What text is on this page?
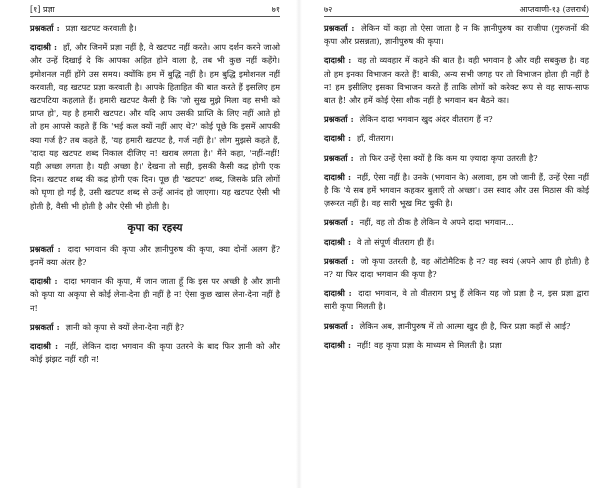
[१] प्रज्ञा	७१

प्रश्नकर्ता : प्रज्ञा खटपट करवाती है।

दादाश्री : हाँ, और जिनमें प्रज्ञा नहीं है, वे खटपट नहीं करते। आप दर्शन करने जाओ और उन्हें दिखाई दे कि आपका अहित होने वाला है, तब भी कुछ नहीं कहेंगे। इमोशनल नहीं होंगे उस समय। क्योंकि हम में बुद्धि नहीं है। हम बुद्धि इमोशनल नहीं करवाती, वह खटपट प्रज्ञा करवाती है। आपके हिताहित की बात करते हैं इसलिए हम खटपटिया कहलाते हैं। हमारी खटपट कैसी है कि 'जो सुख मुझे मिला वह सभी को प्राप्त हो', यह है हमारी खटपट। और यदि आप उसकी प्राप्ति के लिए नहीं आते हो तो हम आपसे कहते हैं कि 'भई कल क्यों नहीं आए थे?' कोई पूछे कि इसमें आपकी क्या गर्ज है? तब कहते हैं, 'यह हमारी खटपट है, गर्ज नहीं है।' लोग मुझसे कहते हैं, 'दादा यह खटपट शब्द निकाल दीजिए न! खराब लगता है।' मैंने कहा, 'नहीं-नहीं! यही अच्छा लगता है। यही अच्छा है।' देखना तो सही, इसकी कैसी कद्र होगी एक दिन। खटपट शब्द की कद्र होगी एक दिन। पूछ ही 'खटपट' शब्द, जिसके प्रति लोगों को घृणा हो गई है, उसी खटपट शब्द से उन्हें आनंद हो जाएगा। यह खटपट ऐसी भी होती है, वैसी भी होती है और ऐसी भी होती है।

कृपा का रहस्य

प्रश्नकर्ता : दादा भगवान की कृपा और ज्ञानीपुरुष की कृपा, क्या दोनों अलग हैं? इनमें क्या अंतर है?

दादाश्री : दादा भगवान की कृपा, मैं जान जाता हूँ कि इस पर अच्छी है और ज्ञानी को कृपा या अकृपा से कोई लेना-देना ही नहीं है न! ऐसा कुछ खास लेना-देना नहीं है न!

प्रश्नकर्ता : ज्ञानी को कृपा से क्यों लेना-देना नहीं है?

दादाश्री : नहीं, लेकिन दादा भगवान की कृपा उतरने के बाद फिर ज्ञानी को और कोई झंझट नहीं रही न!

७२	आप्तवाणी-१३ (उत्तरार्ध)

प्रश्नकर्ता : लेकिन यों कहा तो ऐसा जाता है न कि ज्ञानीपुरुष का राजीपा (गुरुजनों की कृपा और प्रसन्नता), ज्ञानीपुरुष की कृपा।

दादाश्री : वह तो व्यवहार में कहने की बात है। वही भगवान है और वही सबकुछ है। वह तो हम इनका विभाजन करते हैं! बाकी, अन्य सभी जगह पर तो विभाजन होता ही नहीं है न! हम इसीलिए इसका विभाजन करते हैं ताकि लोगों को करेक्ट रूप से वह साफ-साफ बात है! और हमें कोई ऐसा शौक नहीं है भगवान बन बैठने का।

प्रश्नकर्ता : लेकिन दादा भगवान खुद अंदर वीतराग हैं न?

दादाश्री : हाँ, वीतराग।

प्रश्नकर्ता : तो फिर उन्हें ऐसा क्यों है कि कम या ज़्यादा कृपा उतरती है?

दादाश्री : नहीं, ऐसा नहीं है। उनके (भगवान के) अलावा, हम जो जानी हैं, उन्हें ऐसा नहीं है कि 'ये सब हमें भगवान कहकर बुलाएँ तो अच्छा'। उस स्वाद और उस मिठास की कोई ज़रूरत नहीं है। वह सारी भूख मिट चुकी है।

प्रश्नकर्ता : नहीं, वह तो ठीक है लेकिन ये अपने दादा भगवान...

दादाश्री : वे तो संपूर्ण वीतराग ही हैं।

प्रश्नकर्ता : जो कृपा उतरती है, वह ऑटोमैटिक है न? वह स्वयं (अपने आप ही होती) है न? या फिर दादा भगवान की कृपा है?

दादाश्री : दादा भगवान, वे तो वीतराग प्रभु हैं लेकिन यह जो प्रज्ञा है न, इस प्रज्ञा द्वारा सारी कृपा मिलती है।

प्रश्नकर्ता : लेकिन अब, ज्ञानीपुरुष में तो आत्मा खुद ही है, फिर प्रज्ञा कहाँ से आई?

दादाश्री : नहीं! वह कृपा प्रज्ञा के माध्यम से मिलती है। प्रज्ञा
